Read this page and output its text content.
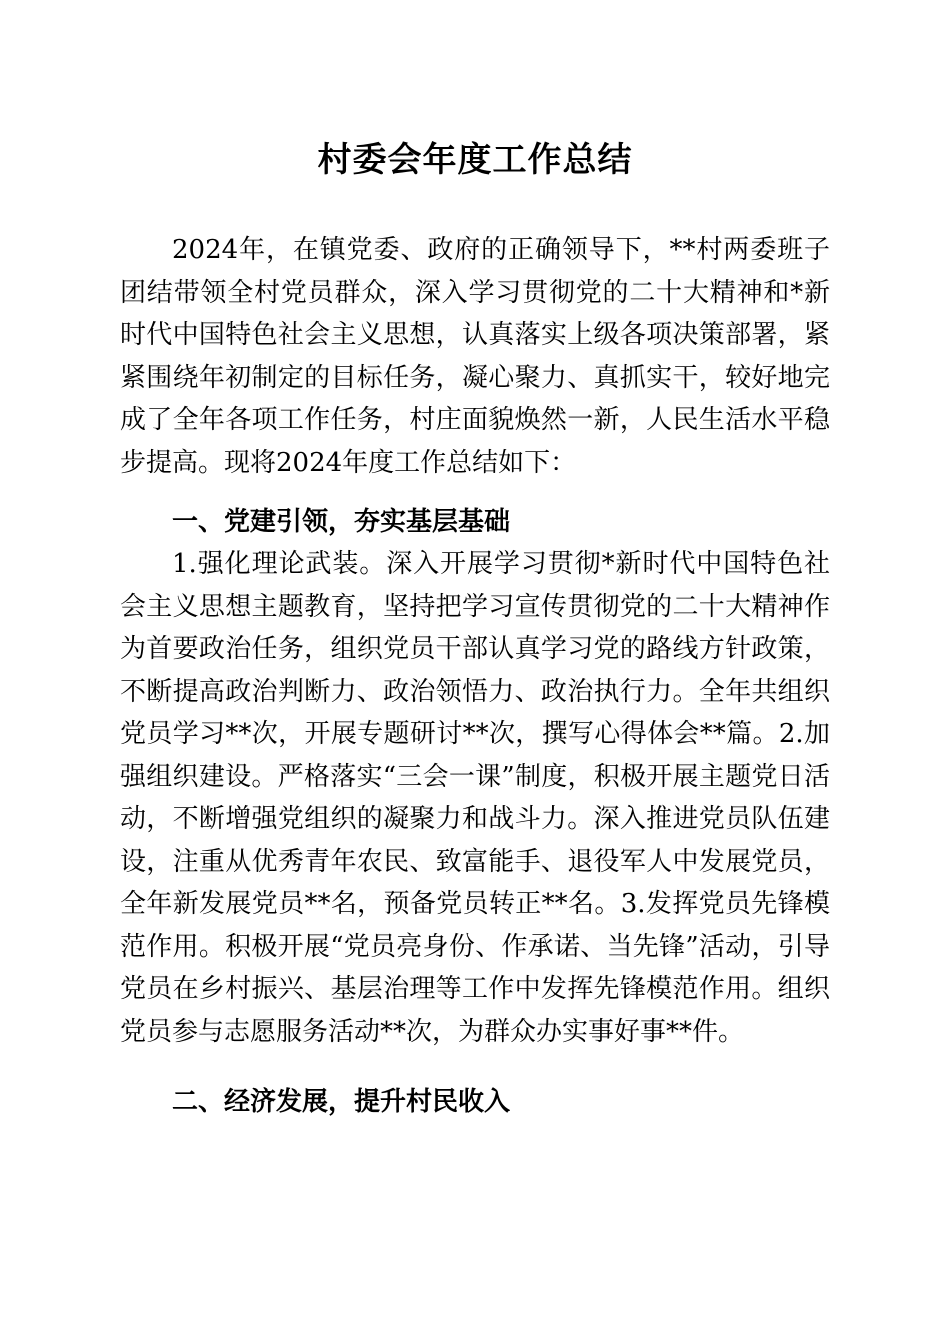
村委会年度工作总结

2024年，在镇党委、政府的正确领导下，**村两委班子团结带领全村党员群众，深入学习贯彻党的二十大精神和*新时代中国特色社会主义思想，认真落实上级各项决策部署，紧紧围绕年初制定的目标任务，凝心聚力、真抓实干，较好地完成了全年各项工作任务，村庄面貌焕然一新，人民生活水平稳步提高。现将2024年度工作总结如下：

一、党建引领，夯实基层基础

1.强化理论武装。深入开展学习贯彻*新时代中国特色社会主义思想主题教育，坚持把学习宣传贯彻党的二十大精神作为首要政治任务，组织党员干部认真学习党的路线方针政策，不断提高政治判断力、政治领悟力、政治执行力。全年共组织党员学习**次，开展专题研讨**次，撰写心得体会**篇。2.加强组织建设。严格落实“三会一课”制度，积极开展主题党日活动，不断增强党组织的凝聚力和战斗力。深入推进党员队伍建设，注重从优秀青年农民、致富能手、退役军人中发展党员，全年新发展党员**名，预备党员转正**名。3.发挥党员先锋模范作用。积极开展“党员亮身份、作承诺、当先锋”活动，引导党员在乡村振兴、基层治理等工作中发挥先锋模范作用。组织党员参与志愿服务活动**次，为群众办实事好事**件。

二、经济发展，提升村民收入
